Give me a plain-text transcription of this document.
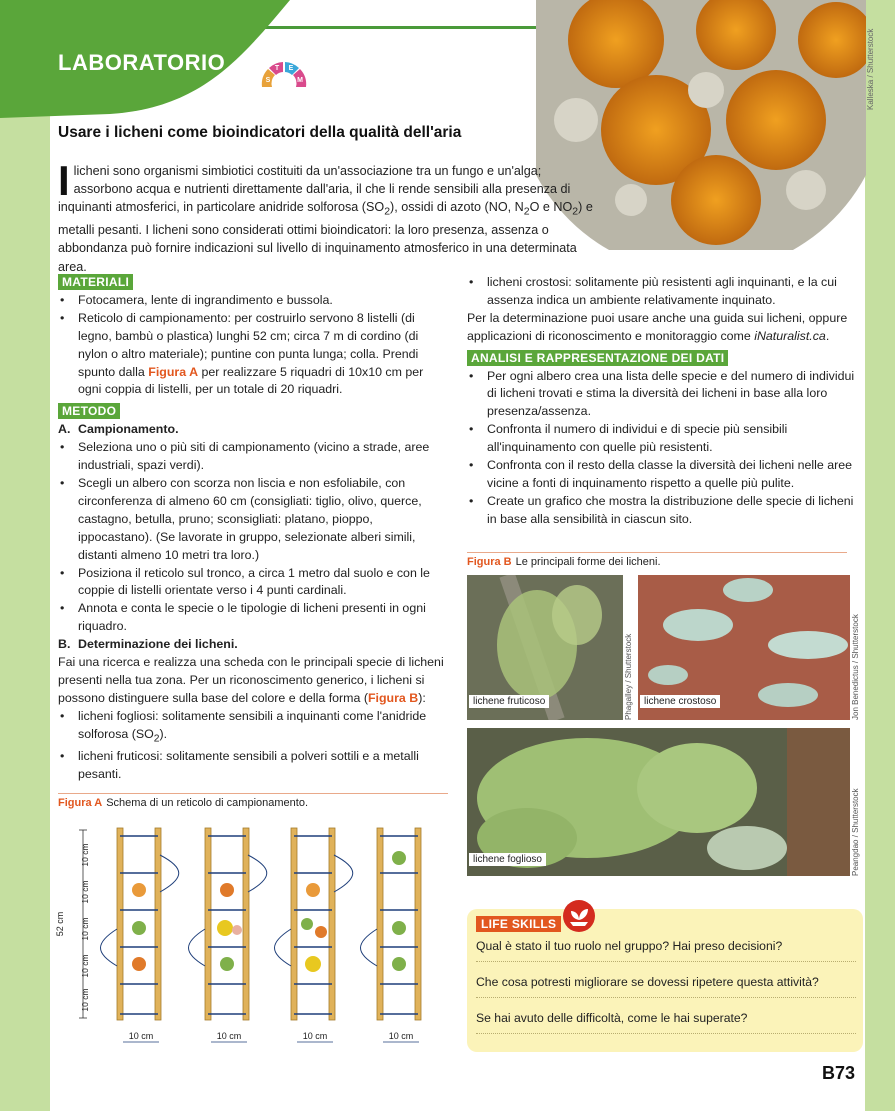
LABORATORIO
S
T E
M	Kalleska / Shutterstock
Usare i licheni come bioindicatori della qualità dell'aria
Ilicheni sono organismi simbiotici costituiti da un'associazione tra un fungo e un'alga; assorbono acqua e nutrienti direttamente dall'aria, il che li rende sensibili alla presenza di inquinanti atmosferici, in particolare anidride solforosa $(SO_2)$, ossidi di azoto (NO, $N_2O$ e $NO_2$) e metalli pesanti. I licheni sono considerati ottimi bioindicatori: la loro presenza, assenza o abbondanza può fornire indicazioni sul livello di inquinamento atmosferico in una determinata area.
MATERIALI
• Fotocamera, lente di ingrandimento e bussola.
• Reticolo di campionamento: per costruirlo servono 8 listelli (di legno, bambù o plastica) lunghi 52 cm; circa 7 m di cordino (di nylon o altro materiale); puntine con punta lunga; colla. Prendi spunto dalla Figura A per realizzare 5 riquadri di 10x10 cm per ogni coppia di listelli, per un totale di 20 riquadri.
METODO
A. Campionamento.
• Seleziona uno o più siti di campionamento (vicino a strade, aree industriali, spazi verdi).
• Scegli un albero con scorza non liscia e non esfoliabile, con circonferenza di almeno 60 cm (consigliati: tiglio, olivo, querce, castagno, betulla, pruno; sconsigliati: platano, pioppo, ippocastano). (Se lavorate in gruppo, selezionate alberi simili, distanti almeno 10 metri tra loro.)
• Posiziona il reticolo sul tronco, a circa 1 metro dal suolo e con le coppie di listelli orientate verso i 4 punti cardinali.
• Annota e conta le specie o le tipologie di licheni presenti in ogni riquadro.
B. Determinazione dei licheni.
Fai una ricerca e realizza una scheda con le principali specie di licheni presenti nella tua zona. Per un riconoscimento generico, i licheni si possono distinguere sulla base del colore e della forma (Figura B):
• licheni fogliosi: solitamente sensibili a inquinanti come l'anidride solforosa $(SO_2)$.
• licheni fruticosi: solitamente sensibili a polveri sottili e a metalli pesanti.
• licheni crostosi: solitamente più resistenti agli inquinanti, e la cui assenza indica un ambiente relativamente inquinato.
Per la determinazione puoi usare anche una guida sui licheni, oppure applicazioni di riconoscimento e monitoraggio come iNaturalist.ca.
ANALISI E RAPPRESENTAZIONE DEI DATI
• Per ogni albero crea una lista delle specie e del numero di individui di licheni trovati e stima la diversità dei licheni in base alla loro presenza/assenza.
• Confronta il numero di individui e di specie più sensibili all'inquinamento con quelle più resistenti.
• Confronta con il resto della classe la diversità dei licheni nelle aree vicine a fonti di inquinamento rispetto a quelle più pulite.
• Create un grafico che mostra la distribuzione delle specie di licheni in base alla sensibilità in ciascun sito.
Figura A Schema di un reticolo di campionamento.
52 cm
10 cm
10 cm
10 cm
10 cm
10 cm
10 cm	10 cm	10 cm	10 cm
Figura B Le principali forme dei licheni.
lichene fruticoso	Phagalley / Shutterstock	lichene crostoso	Jon Benedictus / Shutterstock
lichene foglioso	Peangdao / Shutterstock
LIFE SKILLS
Qual è stato il tuo ruolo nel gruppo? Hai preso decisioni?
Che cosa potresti migliorare se dovessi ripetere questa attività?
Se hai avuto delle difficoltà, come le hai superate?
B73
